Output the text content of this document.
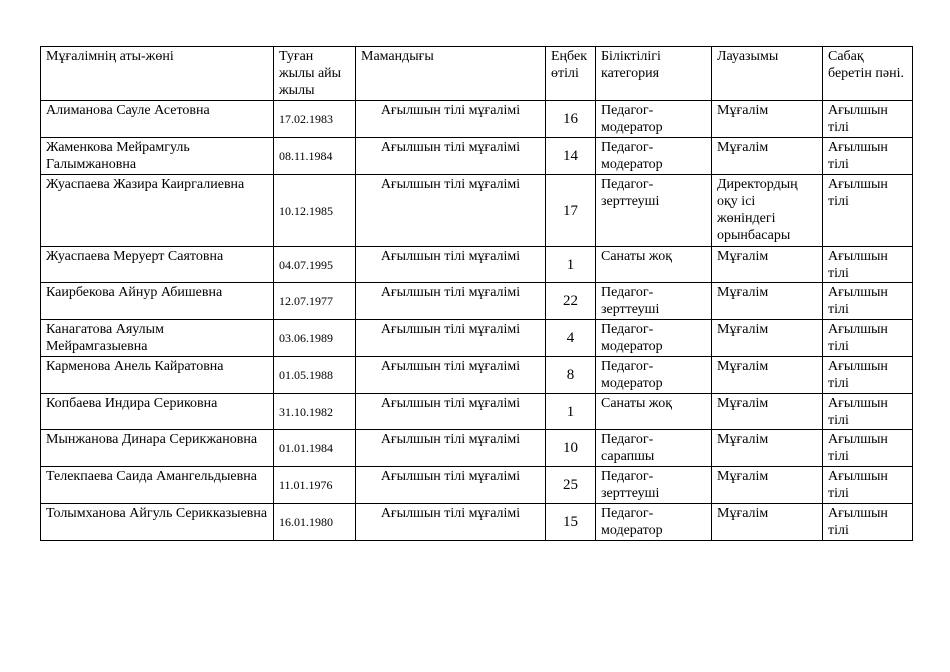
Мұғалімнің аты-жөні	Туған жылы айы жылы	Мамандығы	Еңбек өтілі	Біліктілігі категория	Лауазымы	Сабақ беретін пәні.
Алиманова Сауле Асетовна	17.02.1983	Ағылшын тілі мұғалімі	16	Педагог-модератор	Мұғалім	Ағылшын тілі
Жаменкова Мейрамгуль Галымжановна	08.11.1984	Ағылшын тілі мұғалімі	14	Педагог-модератор	Мұғалім	Ағылшын тілі
Жуаспаева Жазира Каиргалиевна	10.12.1985	Ағылшын тілі мұғалімі	17	Педагог-зерттеуші	Директордың оқу ісі жөніндегі орынбасары	Ағылшын тілі
Жуаспаева Меруерт Саятовна	04.07.1995	Ағылшын тілі мұғалімі	1	Санаты жоқ	Мұғалім	Ағылшын тілі
Каирбекова Айнур Абишевна	12.07.1977	Ағылшын тілі мұғалімі	22	Педагог-зерттеуші	Мұғалім	Ағылшын тілі
Канагатова Аяулым Мейрамгазыевна	03.06.1989	Ағылшын тілі мұғалімі	4	Педагог-модератор	Мұғалім	Ағылшын тілі
Карменова Анель Кайратовна	01.05.1988	Ағылшын тілі мұғалімі	8	Педагог-модератор	Мұғалім	Ағылшын тілі
Копбаева Индира Сериковна	31.10.1982	Ағылшын тілі мұғалімі	1	Санаты жоқ	Мұғалім	Ағылшын тілі
Мынжанова Динара Серикжановна	01.01.1984	Ағылшын тілі мұғалімі	10	Педагог-сарапшы	Мұғалім	Ағылшын тілі
Телекпаева Саида Амангельдыевна	11.01.1976	Ағылшын тілі мұғалімі	25	Педагог-зерттеуші	Мұғалім	Ағылшын тілі
Толымханова Айгуль Серикказыевна	16.01.1980	Ағылшын тілі мұғалімі	15	Педагог-модератор	Мұғалім	Ағылшын тілі
